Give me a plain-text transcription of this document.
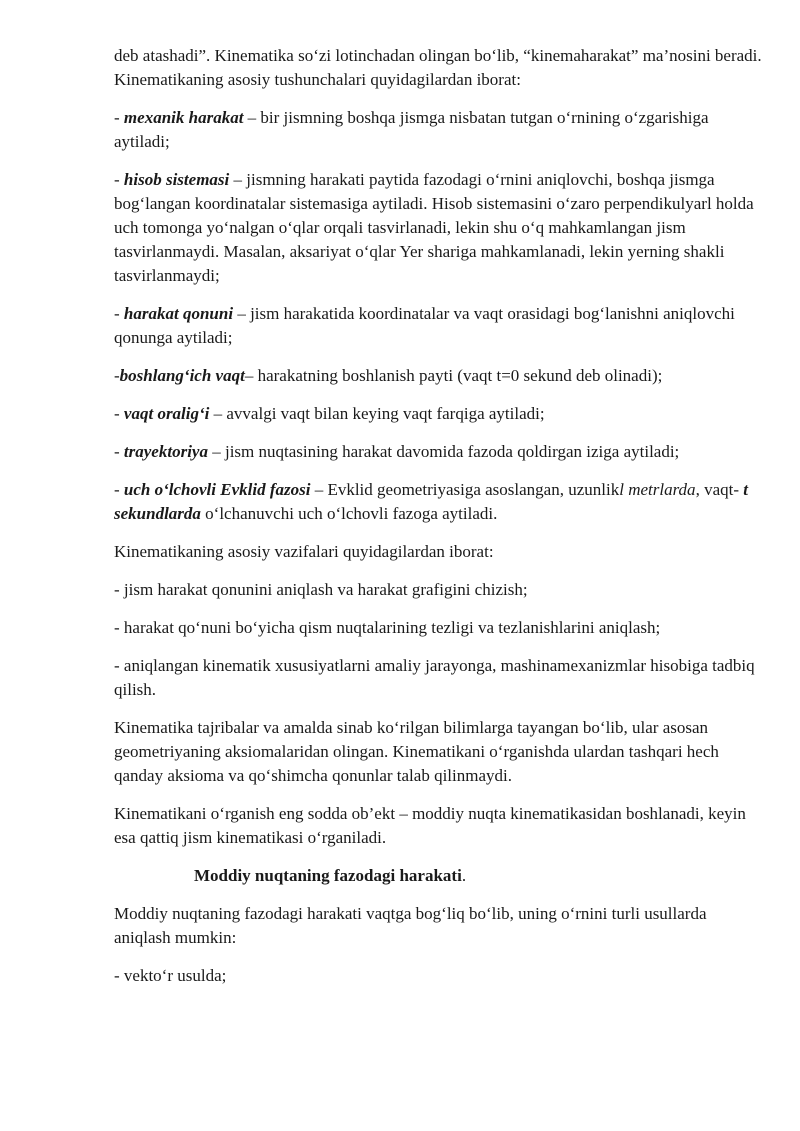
deb atashadi”. Kinematika so‘zi lotinchadan olingan bo‘lib, “kinemaharakat” ma’nosini beradi. Kinematikaning asosiy tushunchalari quyidagilardan iborat:

- mexanik harakat – bir jismning boshqa jismga nisbatan tutgan o‘rnining o‘zgarishiga aytiladi;

- hisob sistemasi – jismning harakati paytida fazodagi o‘rnini aniqlovchi, boshqa jismga bog‘langan koordinatalar sistemasiga aytiladi. Hisob sistemasini o‘zaro perpendikulyarl holda uch tomonga yo‘nalgan o‘qlar orqali tasvirlanadi, lekin shu o‘q mahkamlangan jism tasvirlanmaydi. Masalan, aksariyat o‘qlar Yer shariga mahkamlanadi, lekin yerning shakli tasvirlanmaydi;

- harakat qonuni – jism harakatida koordinatalar va vaqt orasidagi bog‘lanishni aniqlovchi qonunga aytiladi;

-boshlang‘ich vaqt– harakatning boshlanish payti (vaqt t=0 sekund deb olinadi);

- vaqt oralig‘i – avvalgi vaqt bilan keying vaqt farqiga aytiladi;

- trayektoriya – jism nuqtasining harakat davomida fazoda qoldirgan iziga aytiladi;

- uch o‘lchovli Evklid fazosi – Evklid geometriyasiga asoslangan, uzunlikl metrlarda, vaqt- t sekundlarda o‘lchanuvchi uch o‘lchovli fazoga aytiladi.

Kinematikaning asosiy vazifalari quyidagilardan iborat:

- jism harakat qonunini aniqlash va harakat grafigini chizish;

- harakat qo‘nuni bo‘yicha qism nuqtalarining tezligi va tezlanishlarini aniqlash;

- aniqlangan kinematik xususiyatlarni amaliy jarayonga, mashinamexanizmlar hisobiga tadbiq qilish.

Kinematika tajribalar va amalda sinab ko‘rilgan bilimlarga tayangan bo‘lib, ular asosan geometriyaning aksiomalaridan olingan. Kinematikani o‘rganishda ulardan tashqari hech qanday aksioma va qo‘shimcha qonunlar talab qilinmaydi.

Kinematikani o‘rganish eng sodda ob’ekt – moddiy nuqta kinematikasidan boshlanadi, keyin esa qattiq jism kinematikasi o‘rganiladi.

Moddiy nuqtaning fazodagi harakati.

Moddiy nuqtaning fazodagi harakati vaqtga bog‘liq bo‘lib, uning o‘rnini turli usullarda aniqlash mumkin:

- vekto‘r usulda;
